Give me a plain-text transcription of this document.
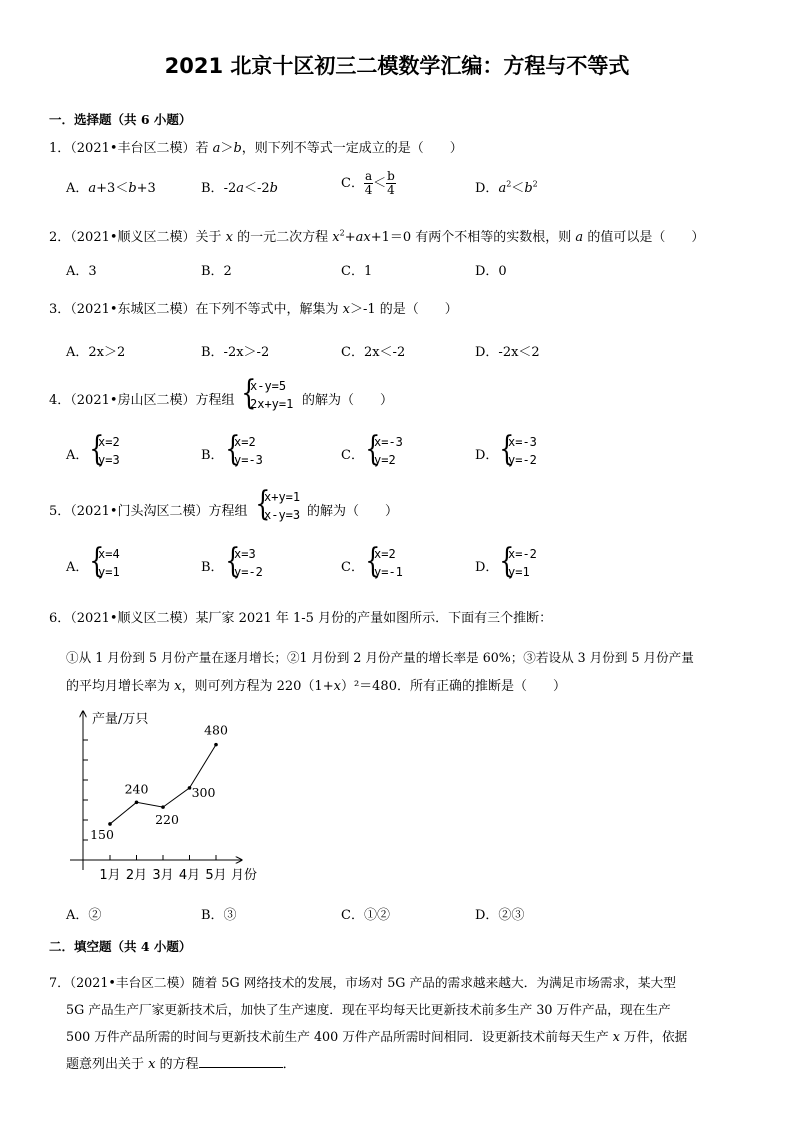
2021 北京十区初三二模数学汇编：方程与不等式
一．选择题（共 6 小题）
1．（2021•丰台区二模）若 a＞b，则下列不等式一定成立的是（　　）
A．a+3＜b+3	B．-2a＜-2b	C． $\frac{a}{4} < \frac{b}{4}$	D．$a^2<b^2$
2．（2021•顺义区二模）关于 x 的一元二次方程 $x^2+ax+1=0$ 有两个不相等的实数根，则 a 的值可以是（　　）
A．3	B．2	C．1	D．0
3．（2021•东城区二模）在下列不等式中，解集为 x＞-1 的是（　　）
A．2x＞2	B．-2x＞-2	C．2x＜-2	D．-2x＜2
4．（2021•房山区二模）方程组 {
x-y=5
2x+y=1 的解为（　　）
A． {
x=2
y=3	B． {
x=2
y=-3	C． {
x=-3
y=2	D． {
x=-3
y=-2
5．（2021•门头沟区二模）方程组 {
x+y=1
x-y=3 的解为（　　）
A． {
x=4
y=1	B． {
x=3
y=-2	C． {
x=2
y=-1	D． {
x=-2
y=1
6．（2021•顺义区二模）某厂家 2021 年 1-5 月份的产量如图所示．下面有三个推断：
①从 1 月份到 5 月份产量在逐月增长；②1 月份到 2 月份产量的增长率是 60%；③若设从 3 月份到 5 月份产量
的平均月增长率为 x，则可列方程为 220（1+x）²＝480．所有正确的推断是（　　）
150
240
220
300
480
产量/万只
1月 2月 3月 4月 5月 月份
A．②	B．③	C．①②	D．②③
二．填空题（共 4 小题）
7．（2021•丰台区二模）随着 5G 网络技术的发展，市场对 5G 产品的需求越来越大．为满足市场需求，某大型
5G 产品生产厂家更新技术后，加快了生产速度．现在平均每天比更新技术前多生产 30 万件产品，现在生产
500 万件产品所需的时间与更新技术前生产 400 万件产品所需时间相同．设更新技术前每天生产 x 万件，依据
题意列出关于 x 的方程	．
